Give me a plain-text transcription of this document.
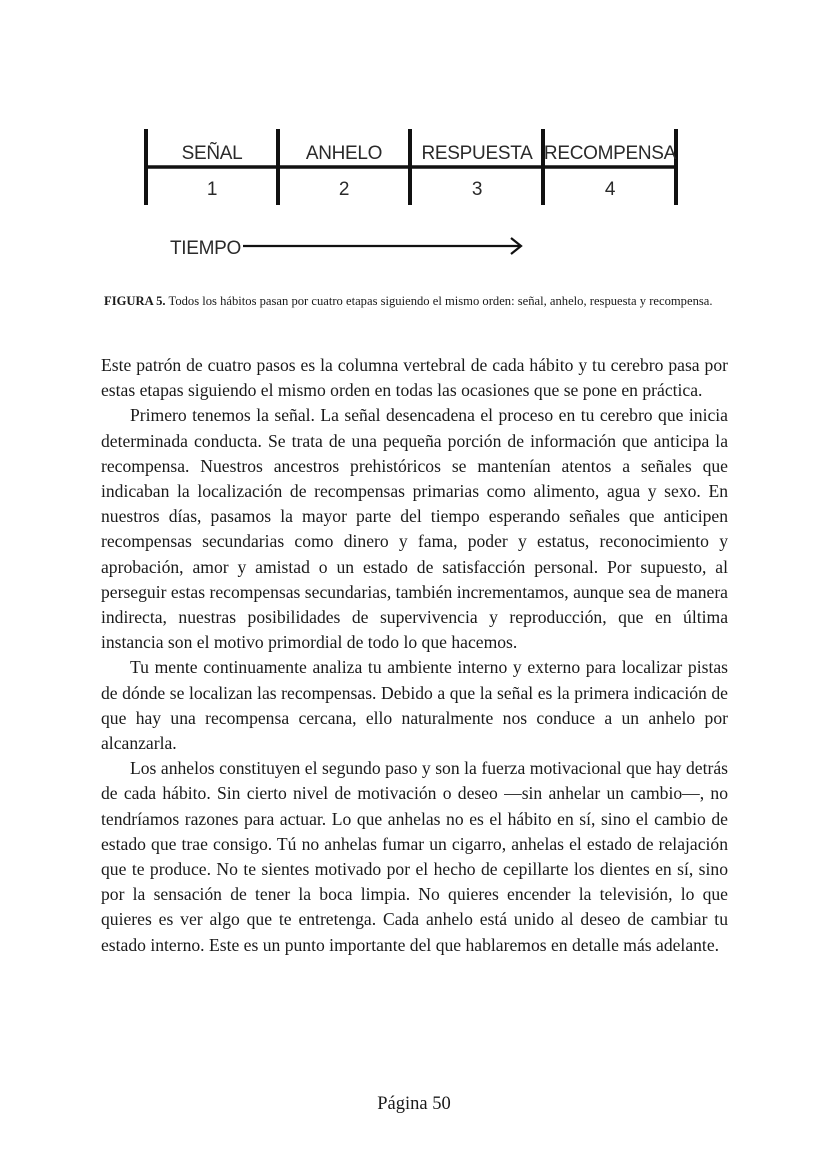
SEÑAL	ANHELO RESPUESTA RECOMPENSA
1	2	3	4
TIEMPO
FIGURA 5. Todos los hábitos pasan por cuatro etapas siguiendo el mismo orden: señal, anhelo, respuesta y recompensa.

Este patrón de cuatro pasos es la columna vertebral de cada hábito y tu cerebro pasa por estas etapas siguiendo el mismo orden en todas las ocasiones que se pone en práctica.

Primero tenemos la señal. La señal desencadena el proceso en tu cerebro que inicia determinada conducta. Se trata de una pequeña porción de información que anticipa la recompensa. Nuestros ancestros prehistóricos se mantenían atentos a señales que indicaban la localización de recompensas primarias como alimento, agua y sexo. En nuestros días, pasamos la mayor parte del tiempo esperando señales que anticipen recompensas secundarias como dinero y fama, poder y estatus, reconocimiento y aprobación, amor y amistad o un estado de satisfacción personal. Por supuesto, al perseguir estas recompensas secundarias, también incrementamos, aunque sea de manera indirecta, nuestras posibilidades de supervivencia y reproducción, que en última instancia son el motivo primordial de todo lo que hacemos.

Tu mente continuamente analiza tu ambiente interno y externo para localizar pistas de dónde se localizan las recompensas. Debido a que la señal es la primera indicación de que hay una recompensa cercana, ello naturalmente nos conduce a un anhelo por alcanzarla.

Los anhelos constituyen el segundo paso y son la fuerza motivacional que hay detrás de cada hábito. Sin cierto nivel de motivación o deseo —sin anhelar un cambio—, no tendríamos razones para actuar. Lo que anhelas no es el hábito en sí, sino el cambio de estado que trae consigo. Tú no anhelas fumar un cigarro, anhelas el estado de relajación que te produce. No te sientes motivado por el hecho de cepillarte los dientes en sí, sino por la sensación de tener la boca limpia. No quieres encender la televisión, lo que quieres es ver algo que te entretenga. Cada anhelo está unido al deseo de cambiar tu estado interno. Este es un punto importante del que hablaremos en detalle más adelante.

Página 50
